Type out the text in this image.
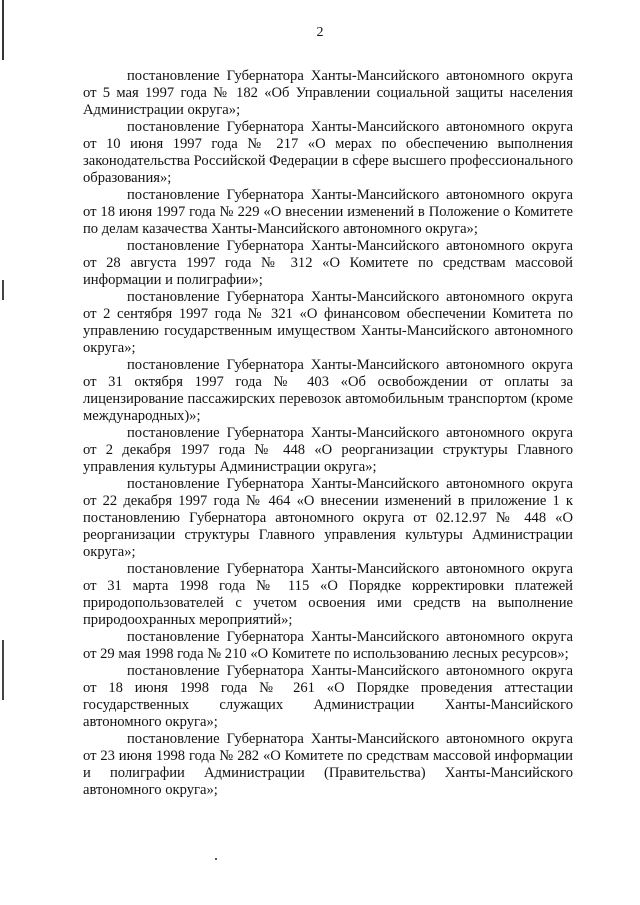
2

постановление Губернатора Ханты-Мансийского автономного округа от 5 мая 1997 года № 182 «Об Управлении социальной защиты населения Администрации округа»;

постановление Губернатора Ханты-Мансийского автономного округа от 10 июня 1997 года № 217 «О мерах по обеспечению выполнения законодательства Российской Федерации в сфере высшего профессионального образования»;

постановление Губернатора Ханты-Мансийского автономного округа от 18 июня 1997 года № 229 «О внесении изменений в Положение о Комитете по делам казачества Ханты-Мансийского автономного округа»;

постановление Губернатора Ханты-Мансийского автономного округа от 28 августа 1997 года № 312 «О Комитете по средствам массовой информации и полиграфии»;

постановление Губернатора Ханты-Мансийского автономного округа от 2 сентября 1997 года № 321 «О финансовом обеспечении Комитета по управлению государственным имуществом Ханты-Мансийского автономного округа»;

постановление Губернатора Ханты-Мансийского автономного округа от 31 октября 1997 года № 403 «Об освобождении от оплаты за лицензирование пассажирских перевозок автомобильным транспортом (кроме международных)»;

постановление Губернатора Ханты-Мансийского автономного округа от 2 декабря 1997 года № 448 «О реорганизации структуры Главного управления культуры Администрации округа»;

постановление Губернатора Ханты-Мансийского автономного округа от 22 декабря 1997 года № 464 «О внесении изменений в приложение 1 к постановлению Губернатора автономного округа от 02.12.97 № 448 «О реорганизации структуры Главного управления культуры Администрации округа»;

постановление Губернатора Ханты-Мансийского автономного округа от 31 марта 1998 года № 115 «О Порядке корректировки платежей природопользователей с учетом освоения ими средств на выполнение природоохранных мероприятий»;

постановление Губернатора Ханты-Мансийского автономного округа от 29 мая 1998 года № 210 «О Комитете по использованию лесных ресурсов»;

постановление Губернатора Ханты-Мансийского автономного округа от 18 июня 1998 года № 261 «О Порядке проведения аттестации государственных служащих Администрации Ханты-Мансийского автономного округа»;

постановление Губернатора Ханты-Мансийского автономного округа от 23 июня 1998 года № 282 «О Комитете по средствам массовой информации и полиграфии Администрации (Правительства) Ханты-Мансийского автономного округа»;
